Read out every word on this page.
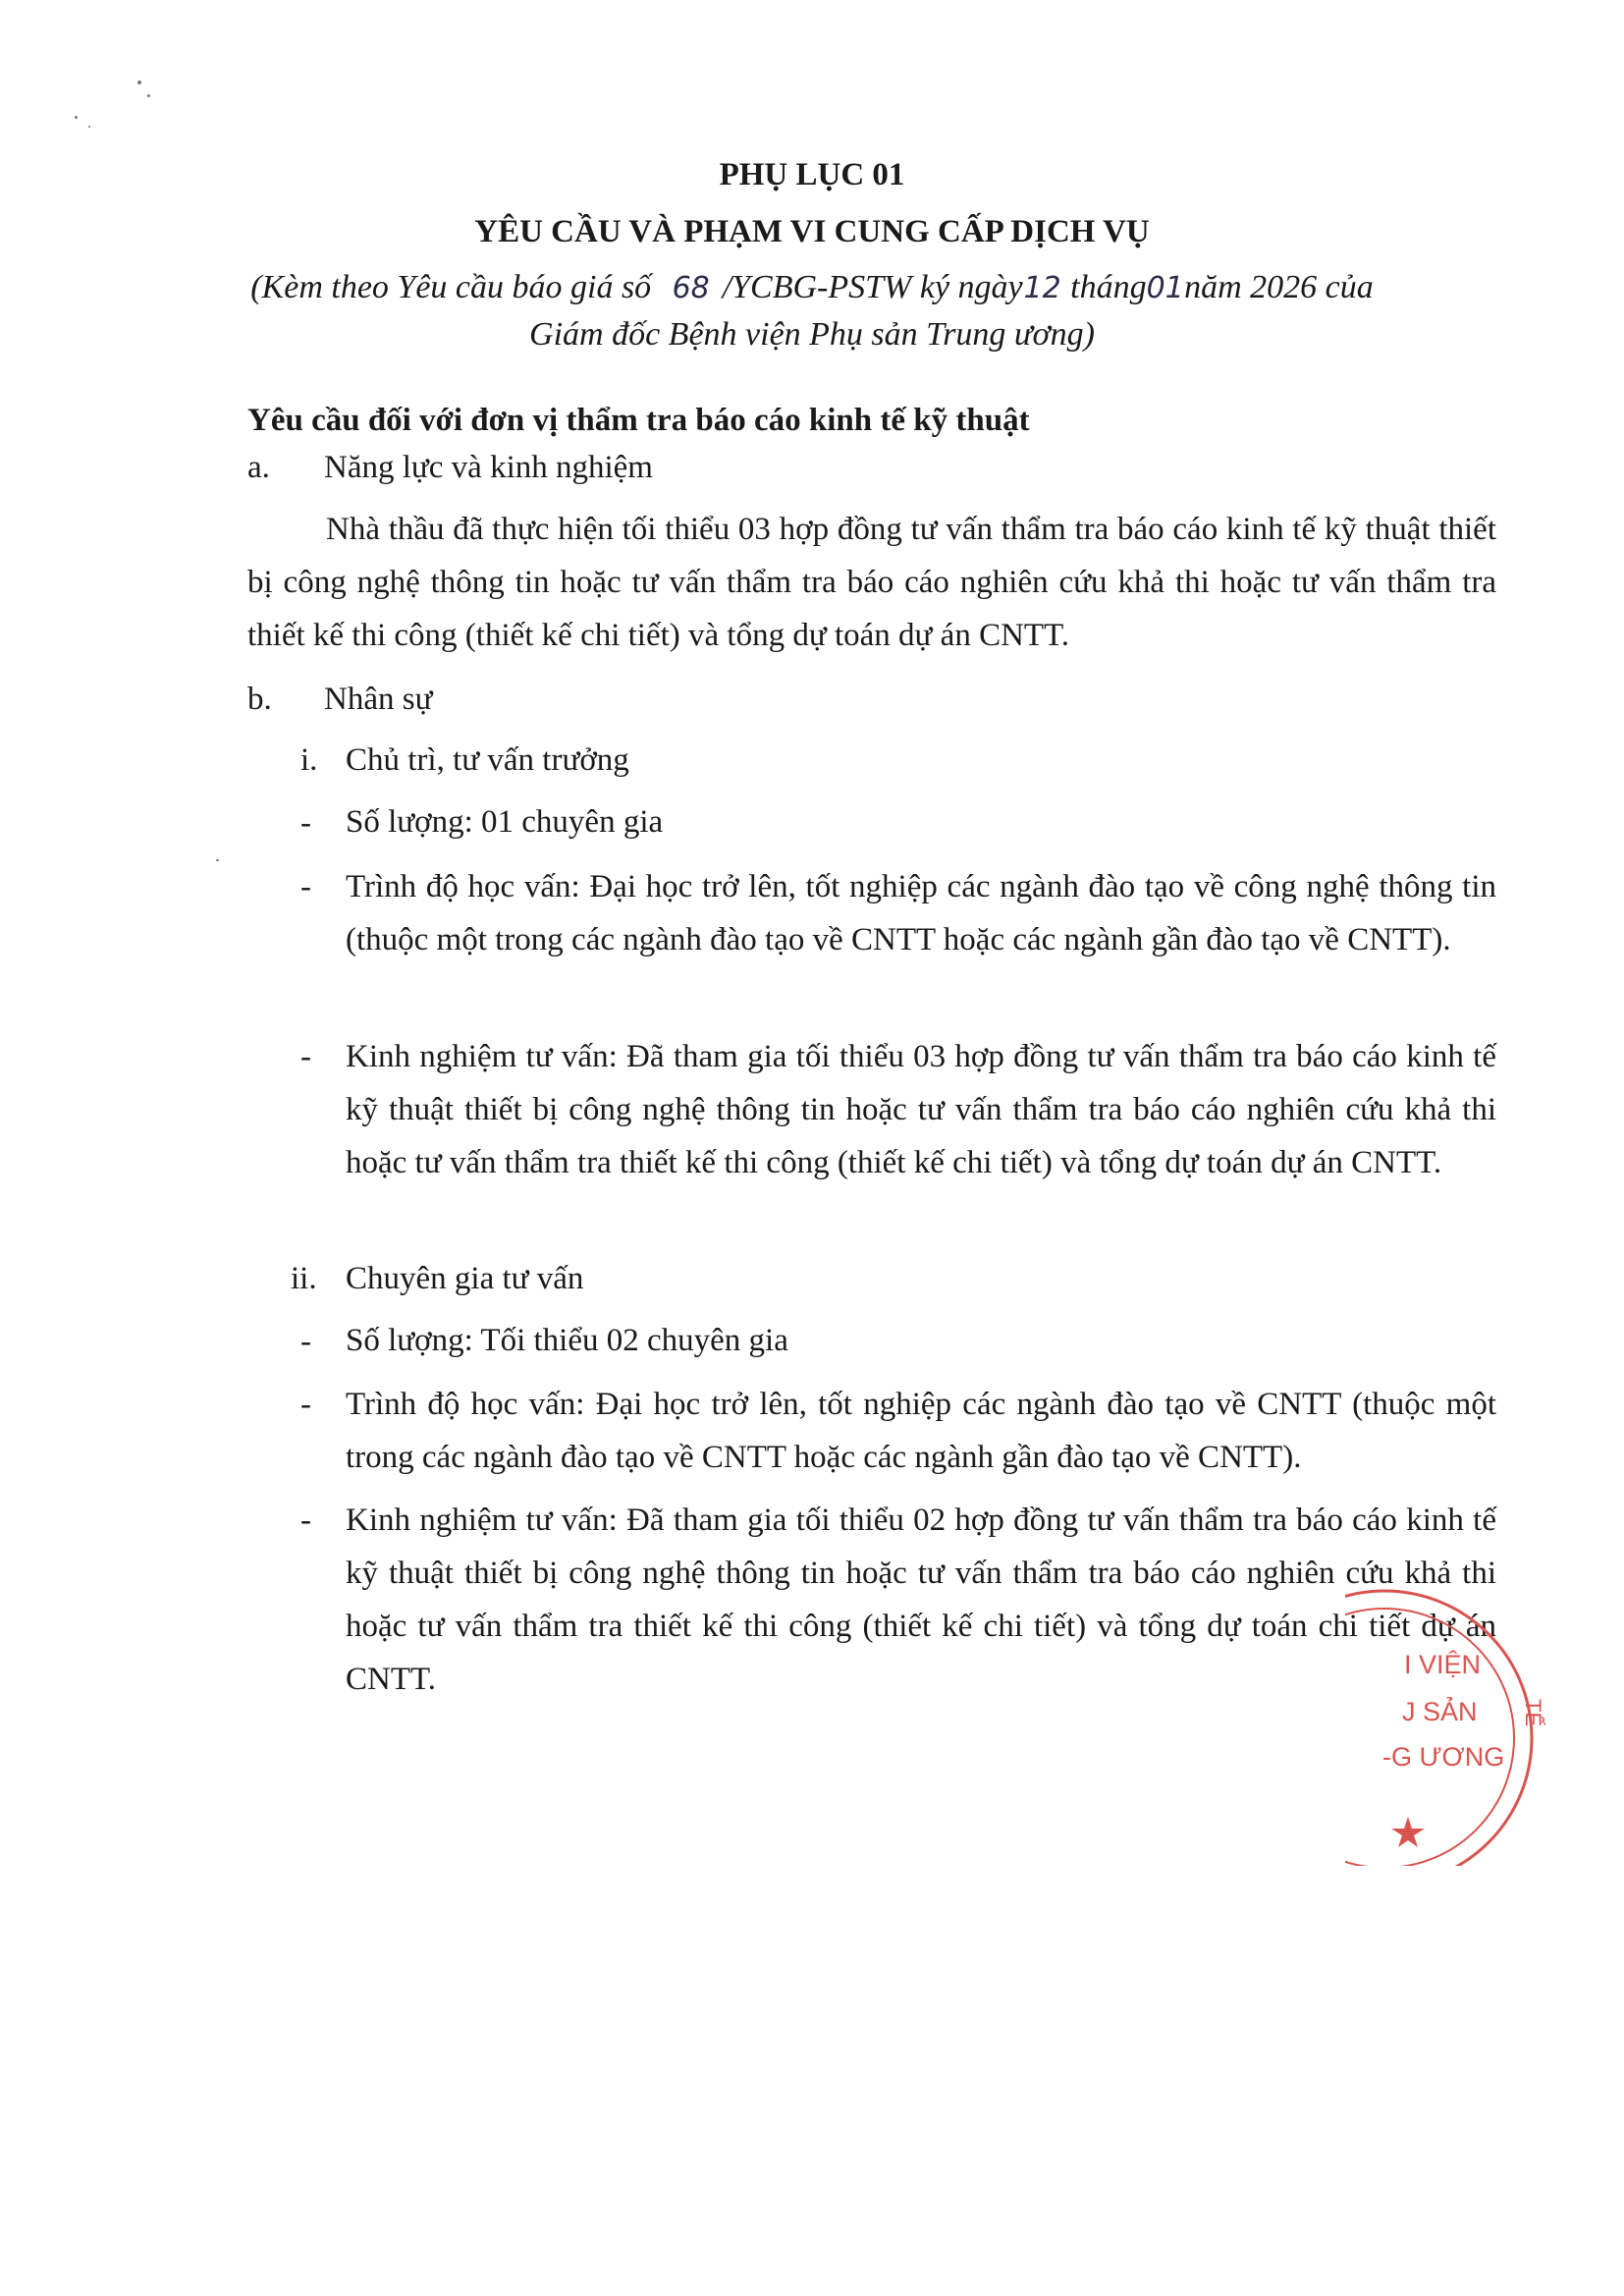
PHỤ LỤC 01
YÊU CẦU VÀ PHẠM VI CUNG CẤP DỊCH VỤ
(Kèm theo Yêu cầu báo giá số 68 /YCBG-PSTW ký ngày12 tháng01 năm 2026 của
Giám đốc Bệnh viện Phụ sản Trung ương)
Yêu cầu đối với đơn vị thẩm tra báo cáo kinh tế kỹ thuật
a. Năng lực và kinh nghiệm
Nhà thầu đã thực hiện tối thiểu 03 hợp đồng tư vấn thẩm tra báo cáo kinh tế kỹ thuật thiết bị công nghệ thông tin hoặc tư vấn thẩm tra báo cáo nghiên cứu khả thi hoặc tư vấn thẩm tra thiết kế thi công (thiết kế chi tiết) và tổng dự toán dự án CNTT.
b. Nhân sự
i. Chủ trì, tư vấn trưởng
- Số lượng: 01 chuyên gia
- Trình độ học vấn: Đại học trở lên, tốt nghiệp các ngành đào tạo về công nghệ thông tin (thuộc một trong các ngành đào tạo về CNTT hoặc các ngành gần đào tạo về CNTT).
- Kinh nghiệm tư vấn: Đã tham gia tối thiểu 03 hợp đồng tư vấn thẩm tra báo cáo kinh tế kỹ thuật thiết bị công nghệ thông tin hoặc tư vấn thẩm tra báo cáo nghiên cứu khả thi hoặc tư vấn thẩm tra thiết kế thi công (thiết kế chi tiết) và tổng dự toán dự án CNTT.
ii. Chuyên gia tư vấn
- Số lượng: Tối thiểu 02 chuyên gia
- Trình độ học vấn: Đại học trở lên, tốt nghiệp các ngành đào tạo về CNTT (thuộc một trong các ngành đào tạo về CNTT hoặc các ngành gần đào tạo về CNTT).
- Kinh nghiệm tư vấn: Đã tham gia tối thiểu 02 hợp đồng tư vấn thẩm tra báo cáo kinh tế kỹ thuật thiết bị công nghệ thông tin hoặc tư vấn thẩm tra báo cáo nghiên cứu khả thi hoặc tư vấn thẩm tra thiết kế thi công (thiết kế chi tiết) và tổng dự toán chi tiết dự án CNTT.	I VIỆN
J SẢN
-G ƯƠNG
TẾ
